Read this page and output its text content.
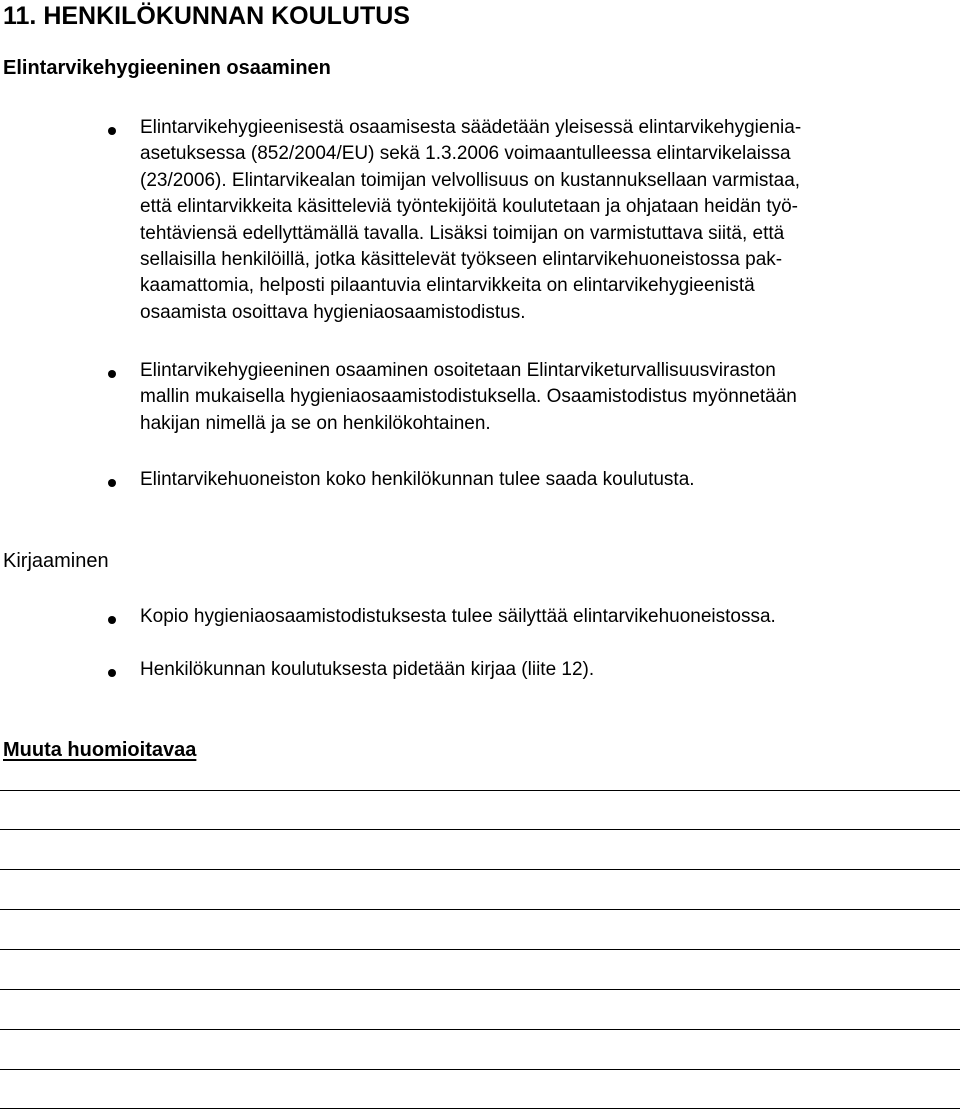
11. HENKILÖKUNNAN KOULUTUS
Elintarvikehygieeninen osaaminen

Elintarvikehygieenisestä osaamisesta säädetään yleisessä elintarvikehygienia-
asetuksessa (852/2004/EU) sekä 1.3.2006 voimaantulleessa elintarvikelaissa
(23/2006). Elintarvikealan toimijan velvollisuus on kustannuksellaan varmistaa,
että elintarvikkeita käsitteleviä työntekijöitä koulutetaan ja ohjataan heidän työ-
tehtäviensä edellyttämällä tavalla. Lisäksi toimijan on varmistuttava siitä, että
sellaisilla henkilöillä, jotka käsittelevät työkseen elintarvikehuoneistossa pak-
kaamattomia, helposti pilaantuvia elintarvikkeita on elintarvikehygieenistä
osaamista osoittava hygieniaosaamistodistus.

Elintarvikehygieeninen osaaminen osoitetaan Elintarviketurvallisuusviraston
mallin mukaisella hygieniaosaamistodistuksella. Osaamistodistus myönnetään
hakijan nimellä ja se on henkilökohtainen.

Elintarvikehuoneiston koko henkilökunnan tulee saada koulutusta.

Kirjaaminen

Kopio hygieniaosaamistodistuksesta tulee säilyttää elintarvikehuoneistossa.

Henkilökunnan koulutuksesta pidetään kirjaa (liite 12).

Muuta huomioitavaa
